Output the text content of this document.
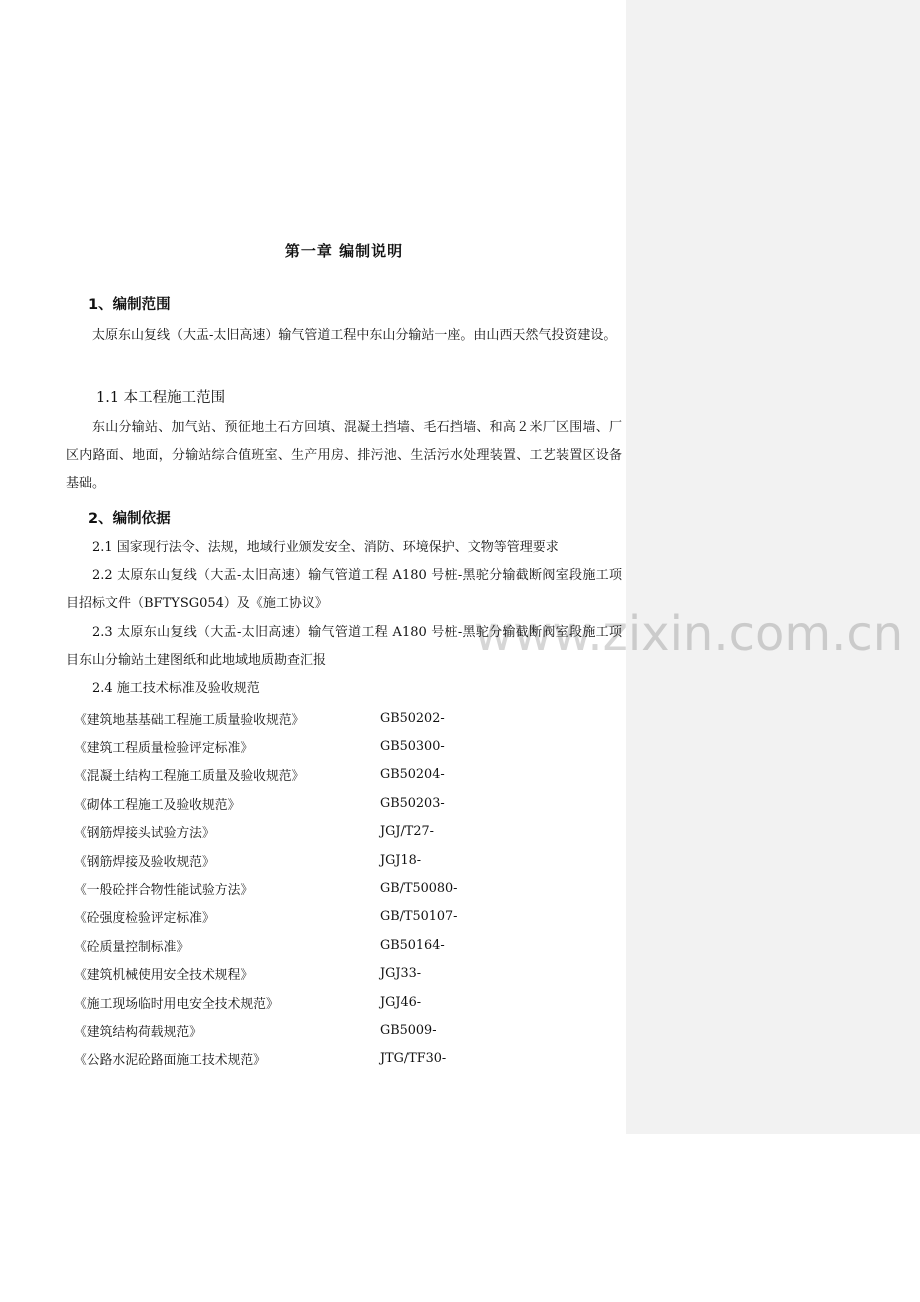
第一章 编制说明
1、编制范围

太原东山复线（大盂-太旧高速）输气管道工程中东山分输站一座。由山西天然气投资建设。

1.1 本工程施工范围

东山分输站、加气站、预征地土石方回填、混凝土挡墙、毛石挡墙、和高２米厂区围墙、厂区内路面、地面，分输站综合值班室、生产用房、排污池、生活污水处理装置、工艺装置区设备基础。

2、编制依据

2.1 国家现行法令、法规，地域行业颁发安全、消防、环境保护、文物等管理要求

2.2 太原东山复线（大盂-太旧高速）输气管道工程 A180 号桩-黑驼分输截断阀室段施工项目招标文件（BFTYSG054）及《施工协议》

2.3 太原东山复线（大盂-太旧高速）输气管道工程 A180 号桩-黑驼分输截断阀室段施工项目东山分输站土建图纸和此地域地质勘查汇报

2.4 施工技术标准及验收规范

《建筑地基基础工程施工质量验收规范》	GB50202-
《建筑工程质量检验评定标准》	GB50300-
《混凝土结构工程施工质量及验收规范》	GB50204-
《砌体工程施工及验收规范》	GB50203-
《钢筋焊接头试验方法》	JGJ/T27-
《钢筋焊接及验收规范》	JGJ18-
《一般砼拌合物性能试验方法》	GB/T50080-
《砼强度检验评定标准》	GB/T50107-
《砼质量控制标准》	GB50164-
《建筑机械使用安全技术规程》	JGJ33-
《施工现场临时用电安全技术规范》	JGJ46-
《建筑结构荷载规范》	GB5009-
《公路水泥砼路面施工技术规范》	JTG/TF30-
www.zixin.com.cn
